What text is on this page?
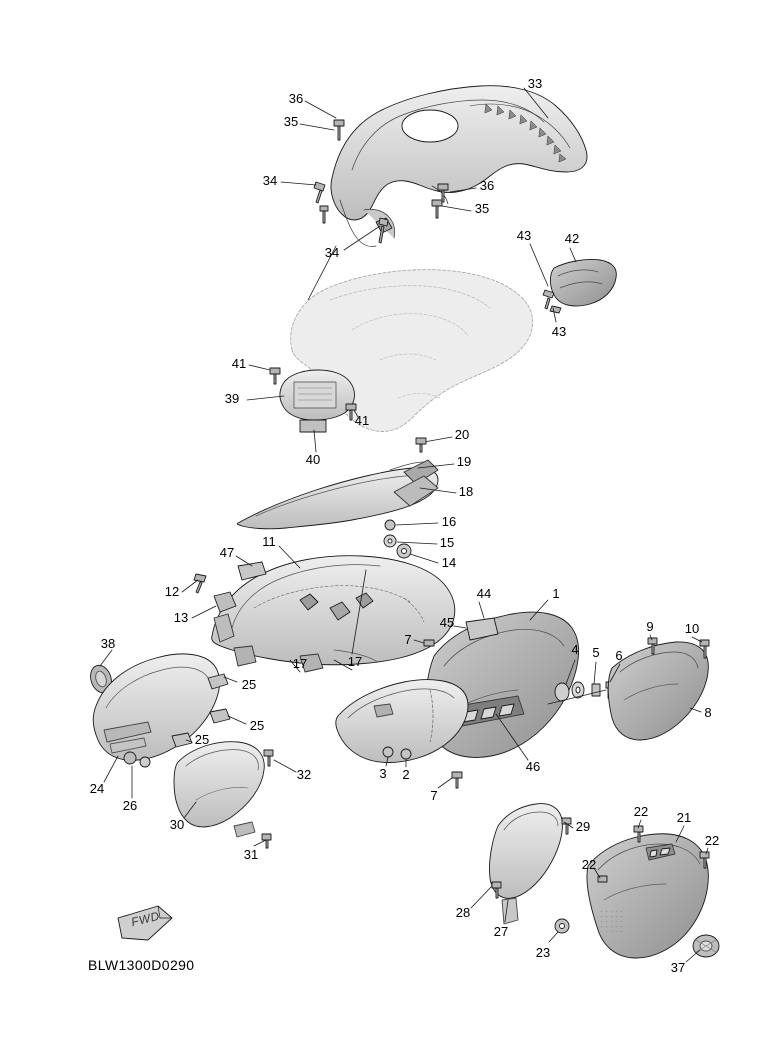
FWD
BLW1300D0290
33
36
35
34	36
35
34
43	42
43
41
39
41
40
20
19
18
16
15
14
11
47
12
13
44	1
45
7
9 10
4 5 6
38
17
17
25
25
25
8
46
3 2
7
24
26
30
32
31
22 21
22
29
22
28
27
23
37
